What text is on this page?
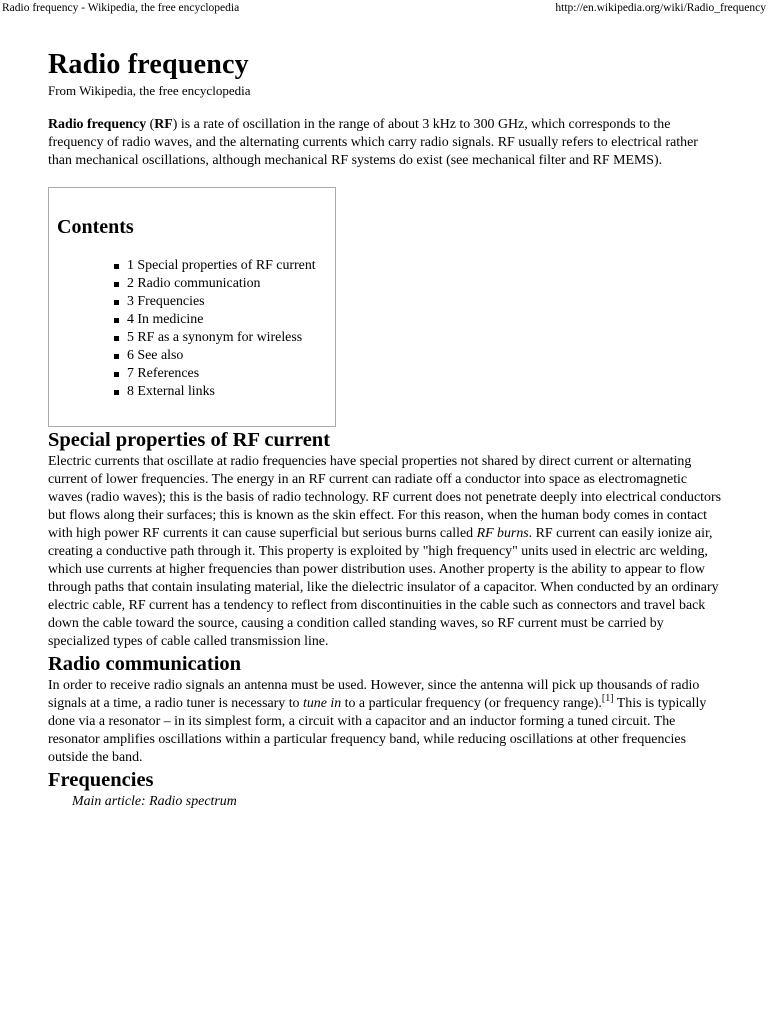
Radio frequency - Wikipedia, the free encyclopedia	http://en.wikipedia.org/wiki/Radio_frequency
Radio frequency
From Wikipedia, the free encyclopedia

Radio frequency (RF) is a rate of oscillation in the range of about 3 kHz to 300 GHz, which corresponds to the frequency of radio waves, and the alternating currents which carry radio signals. RF usually refers to electrical rather than mechanical oscillations, although mechanical RF systems do exist (see mechanical filter and RF MEMS).

Contents
1 Special properties of RF current
2 Radio communication
3 Frequencies
4 In medicine
5 RF as a synonym for wireless
6 See also
7 References
8 External links
Special properties of RF current

Electric currents that oscillate at radio frequencies have special properties not shared by direct current or alternating current of lower frequencies. The energy in an RF current can radiate off a conductor into space as electromagnetic waves (radio waves); this is the basis of radio technology. RF current does not penetrate deeply into electrical conductors but flows along their surfaces; this is known as the skin effect. For this reason, when the human body comes in contact with high power RF currents it can cause superficial but serious burns called RF burns. RF current can easily ionize air, creating a conductive path through it. This property is exploited by "high frequency" units used in electric arc welding, which use currents at higher frequencies than power distribution uses. Another property is the ability to appear to flow through paths that contain insulating material, like the dielectric insulator of a capacitor. When conducted by an ordinary electric cable, RF current has a tendency to reflect from discontinuities in the cable such as connectors and travel back down the cable toward the source, causing a condition called standing waves, so RF current must be carried by specialized types of cable called transmission line.

Radio communication

In order to receive radio signals an antenna must be used. However, since the antenna will pick up thousands of radio signals at a time, a radio tuner is necessary to tune in to a particular frequency (or frequency range).[1] This is typically done via a resonator – in its simplest form, a circuit with a capacitor and an inductor forming a tuned circuit. The resonator amplifies oscillations within a particular frequency band, while reducing oscillations at other frequencies outside the band.

Frequencies
Main article: Radio spectrum
